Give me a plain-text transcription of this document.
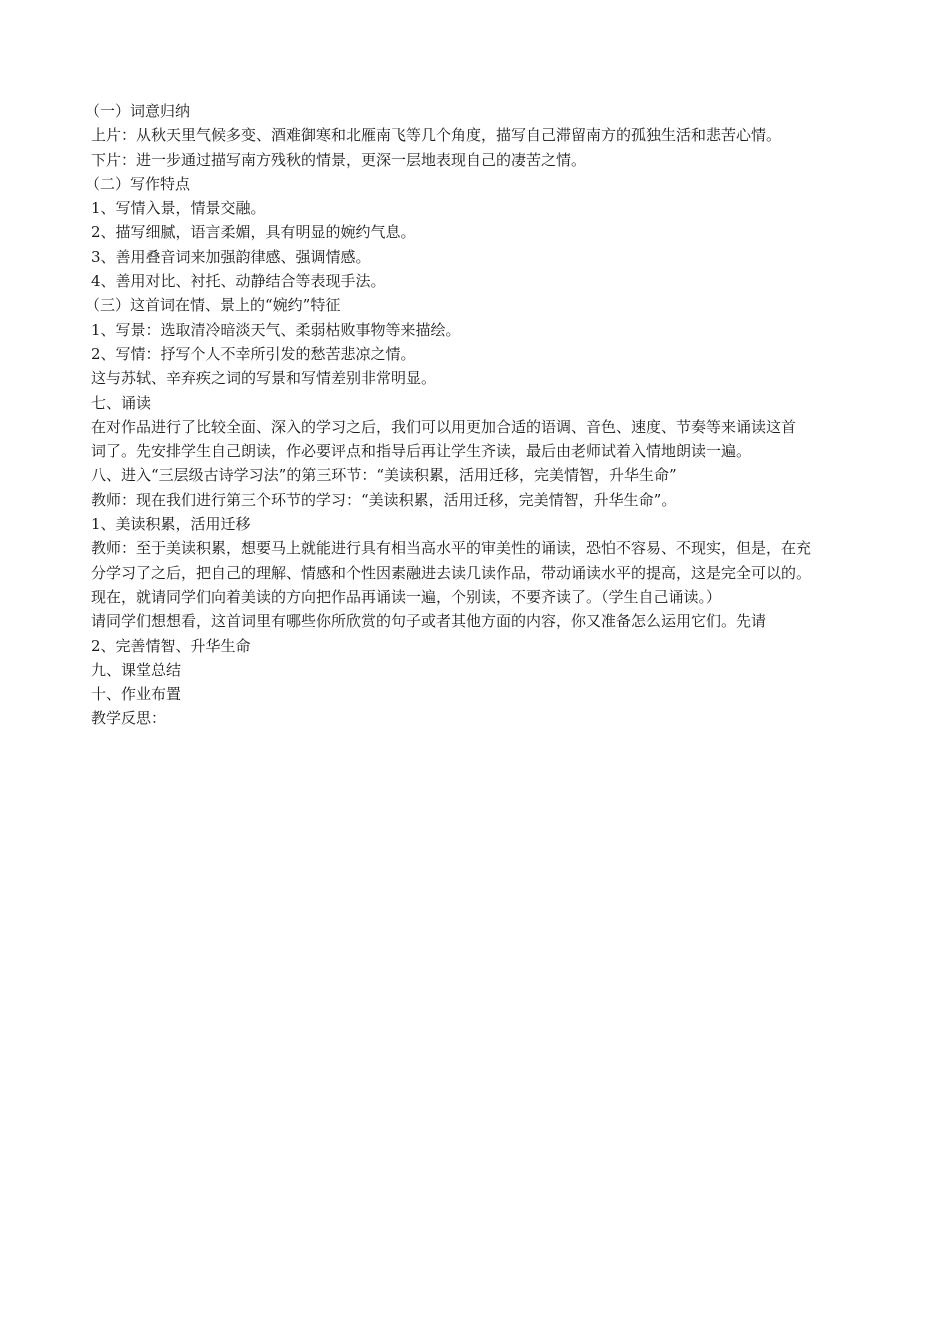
（一）词意归纳

上片：从秋天里气候多变、酒难御寒和北雁南飞等几个角度，描写自己滞留南方的孤独生活和悲苦心情。

下片：进一步通过描写南方残秋的情景，更深一层地表现自己的凄苦之情。

（二）写作特点

1、写情入景，情景交融。

2、描写细腻，语言柔媚，具有明显的婉约气息。

3、善用叠音词来加强韵律感、强调情感。

4、善用对比、衬托、动静结合等表现手法。

（三）这首词在情、景上的“婉约”特征

1、写景：选取清冷暗淡天气、柔弱枯败事物等来描绘。

2、写情：抒写个人不幸所引发的愁苦悲凉之情。

这与苏轼、辛弃疾之词的写景和写情差别非常明显。

七、诵读

在对作品进行了比较全面、深入的学习之后，我们可以用更加合适的语调、音色、速度、节奏等来诵读这首

词了。先安排学生自己朗读，作必要评点和指导后再让学生齐读，最后由老师试着入情地朗读一遍。

八、进入“三层级古诗学习法”的第三环节：“美读积累，活用迁移，完美情智，升华生命”

教师：现在我们进行第三个环节的学习：“美读积累，活用迁移，完美情智，升华生命”。

1、美读积累，活用迁移

教师：至于美读积累，想要马上就能进行具有相当高水平的审美性的诵读，恐怕不容易、不现实，但是，在充

分学习了之后，把自己的理解、情感和个性因素融进去读几读作品，带动诵读水平的提高，这是完全可以的。

现在，就请同学们向着美读的方向把作品再诵读一遍，个别读，不要齐读了。（学生自己诵读。）

请同学们想想看，这首词里有哪些你所欣赏的句子或者其他方面的内容，你又准备怎么运用它们。先请

2、完善情智、升华生命

九、课堂总结

十、作业布置

教学反思：
